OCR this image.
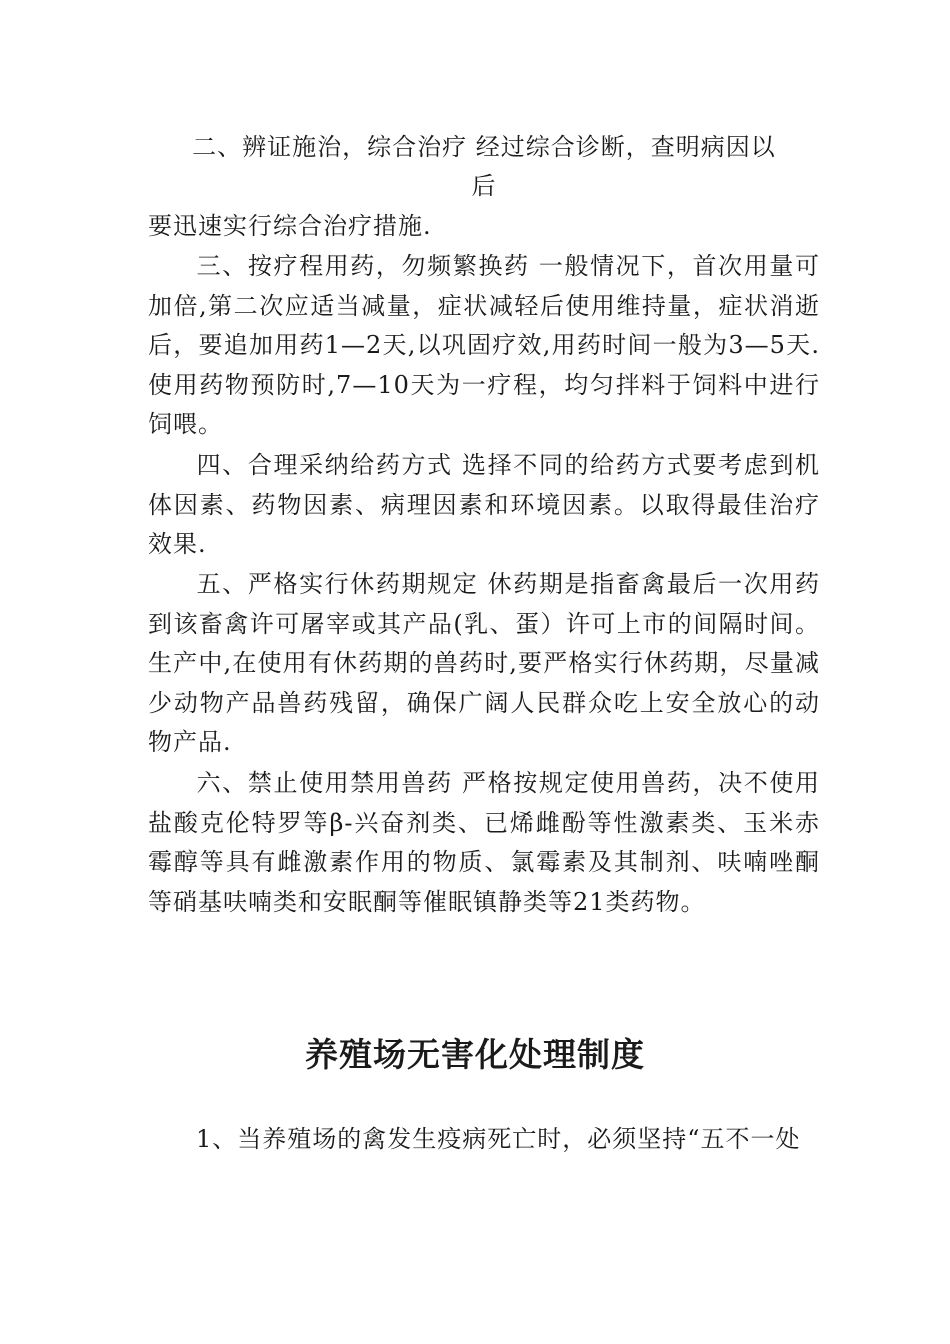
二、辨证施治，综合治疗 经过综合诊断，查明病因以

后

要迅速实行综合治疗措施.

三、按疗程用药，勿频繁换药 一般情况下，首次用量可加倍,第二次应适当减量，症状减轻后使用维持量，症状消逝后，要追加用药1—2天,以巩固疗效,用药时间一般为3—5天.使用药物预防时,7—10天为一疗程，均匀拌料于饲料中进行饲喂。

四、合理采纳给药方式 选择不同的给药方式要考虑到机体因素、药物因素、病理因素和环境因素。以取得最佳治疗效果.

五、严格实行休药期规定 休药期是指畜禽最后一次用药到该畜禽许可屠宰或其产品(乳、蛋）许可上市的间隔时间。生产中,在使用有休药期的兽药时,要严格实行休药期，尽量减少动物产品兽药残留，确保广阔人民群众吃上安全放心的动物产品.

六、禁止使用禁用兽药 严格按规定使用兽药，决不使用盐酸克伦特罗等β-兴奋剂类、已烯雌酚等性激素类、玉米赤霉醇等具有雌激素作用的物质、氯霉素及其制剂、呋喃唑酮等硝基呋喃类和安眠酮等催眠镇静类等21类药物。

养殖场无害化处理制度

1、当养殖场的禽发生疫病死亡时，必须坚持“五不一处
